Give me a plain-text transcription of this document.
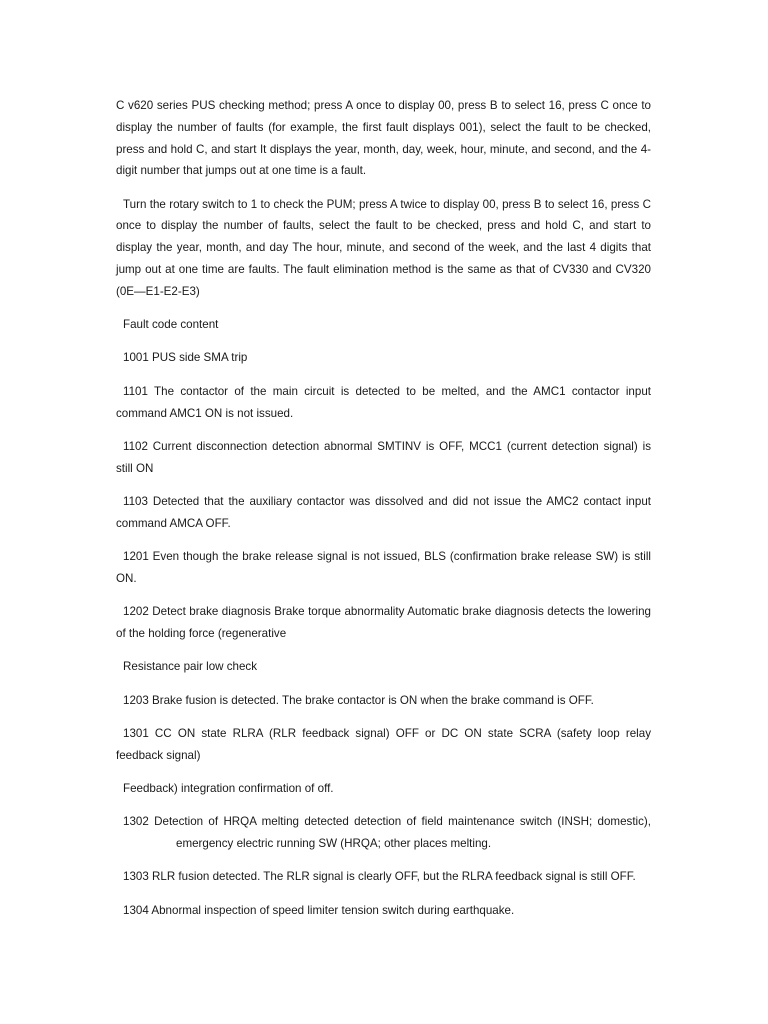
C v620 series PUS checking method; press A once to display 00, press B to select 16, press C once to display the number of faults (for example, the first fault displays 001), select the fault to be checked, press and hold C, and start It displays the year, month, day, week, hour, minute, and second, and the 4-digit number that jumps out at one time is a fault.

Turn the rotary switch to 1 to check the PUM; press A twice to display 00, press B to select 16, press C once to display the number of faults, select the fault to be checked, press and hold C, and start to display the year, month, and day The hour, minute, and second of the week, and the last 4 digits that jump out at one time are faults. The fault elimination method is the same as that of CV330 and CV320 (0E—E1-E2-E3)

Fault code content

1001 PUS side SMA trip

1101 The contactor of the main circuit is detected to be melted, and the AMC1 contactor input command AMC1 ON is not issued.

1102 Current disconnection detection abnormal SMTINV is OFF, MCC1 (current detection signal) is still ON

1103 Detected that the auxiliary contactor was dissolved and did not issue the AMC2 contact input command AMCA OFF.

1201 Even though the brake release signal is not issued, BLS (confirmation brake release SW) is still ON.

1202 Detect brake diagnosis Brake torque abnormality Automatic brake diagnosis detects the lowering of the holding force (regenerative

Resistance pair low check

1203 Brake fusion is detected. The brake contactor is ON when the brake command is OFF.

1301 CC ON state RLRA (RLR feedback signal) OFF or DC ON state SCRA (safety loop relay feedback signal)

Feedback) integration confirmation of off.

1302 Detection of HRQA melting detected detection of field maintenance switch (INSH; domestic), emergency electric running SW (HRQA; other places melting.

1303 RLR fusion detected. The RLR signal is clearly OFF, but the RLRA feedback signal is still OFF.

1304 Abnormal inspection of speed limiter tension switch during earthquake.
